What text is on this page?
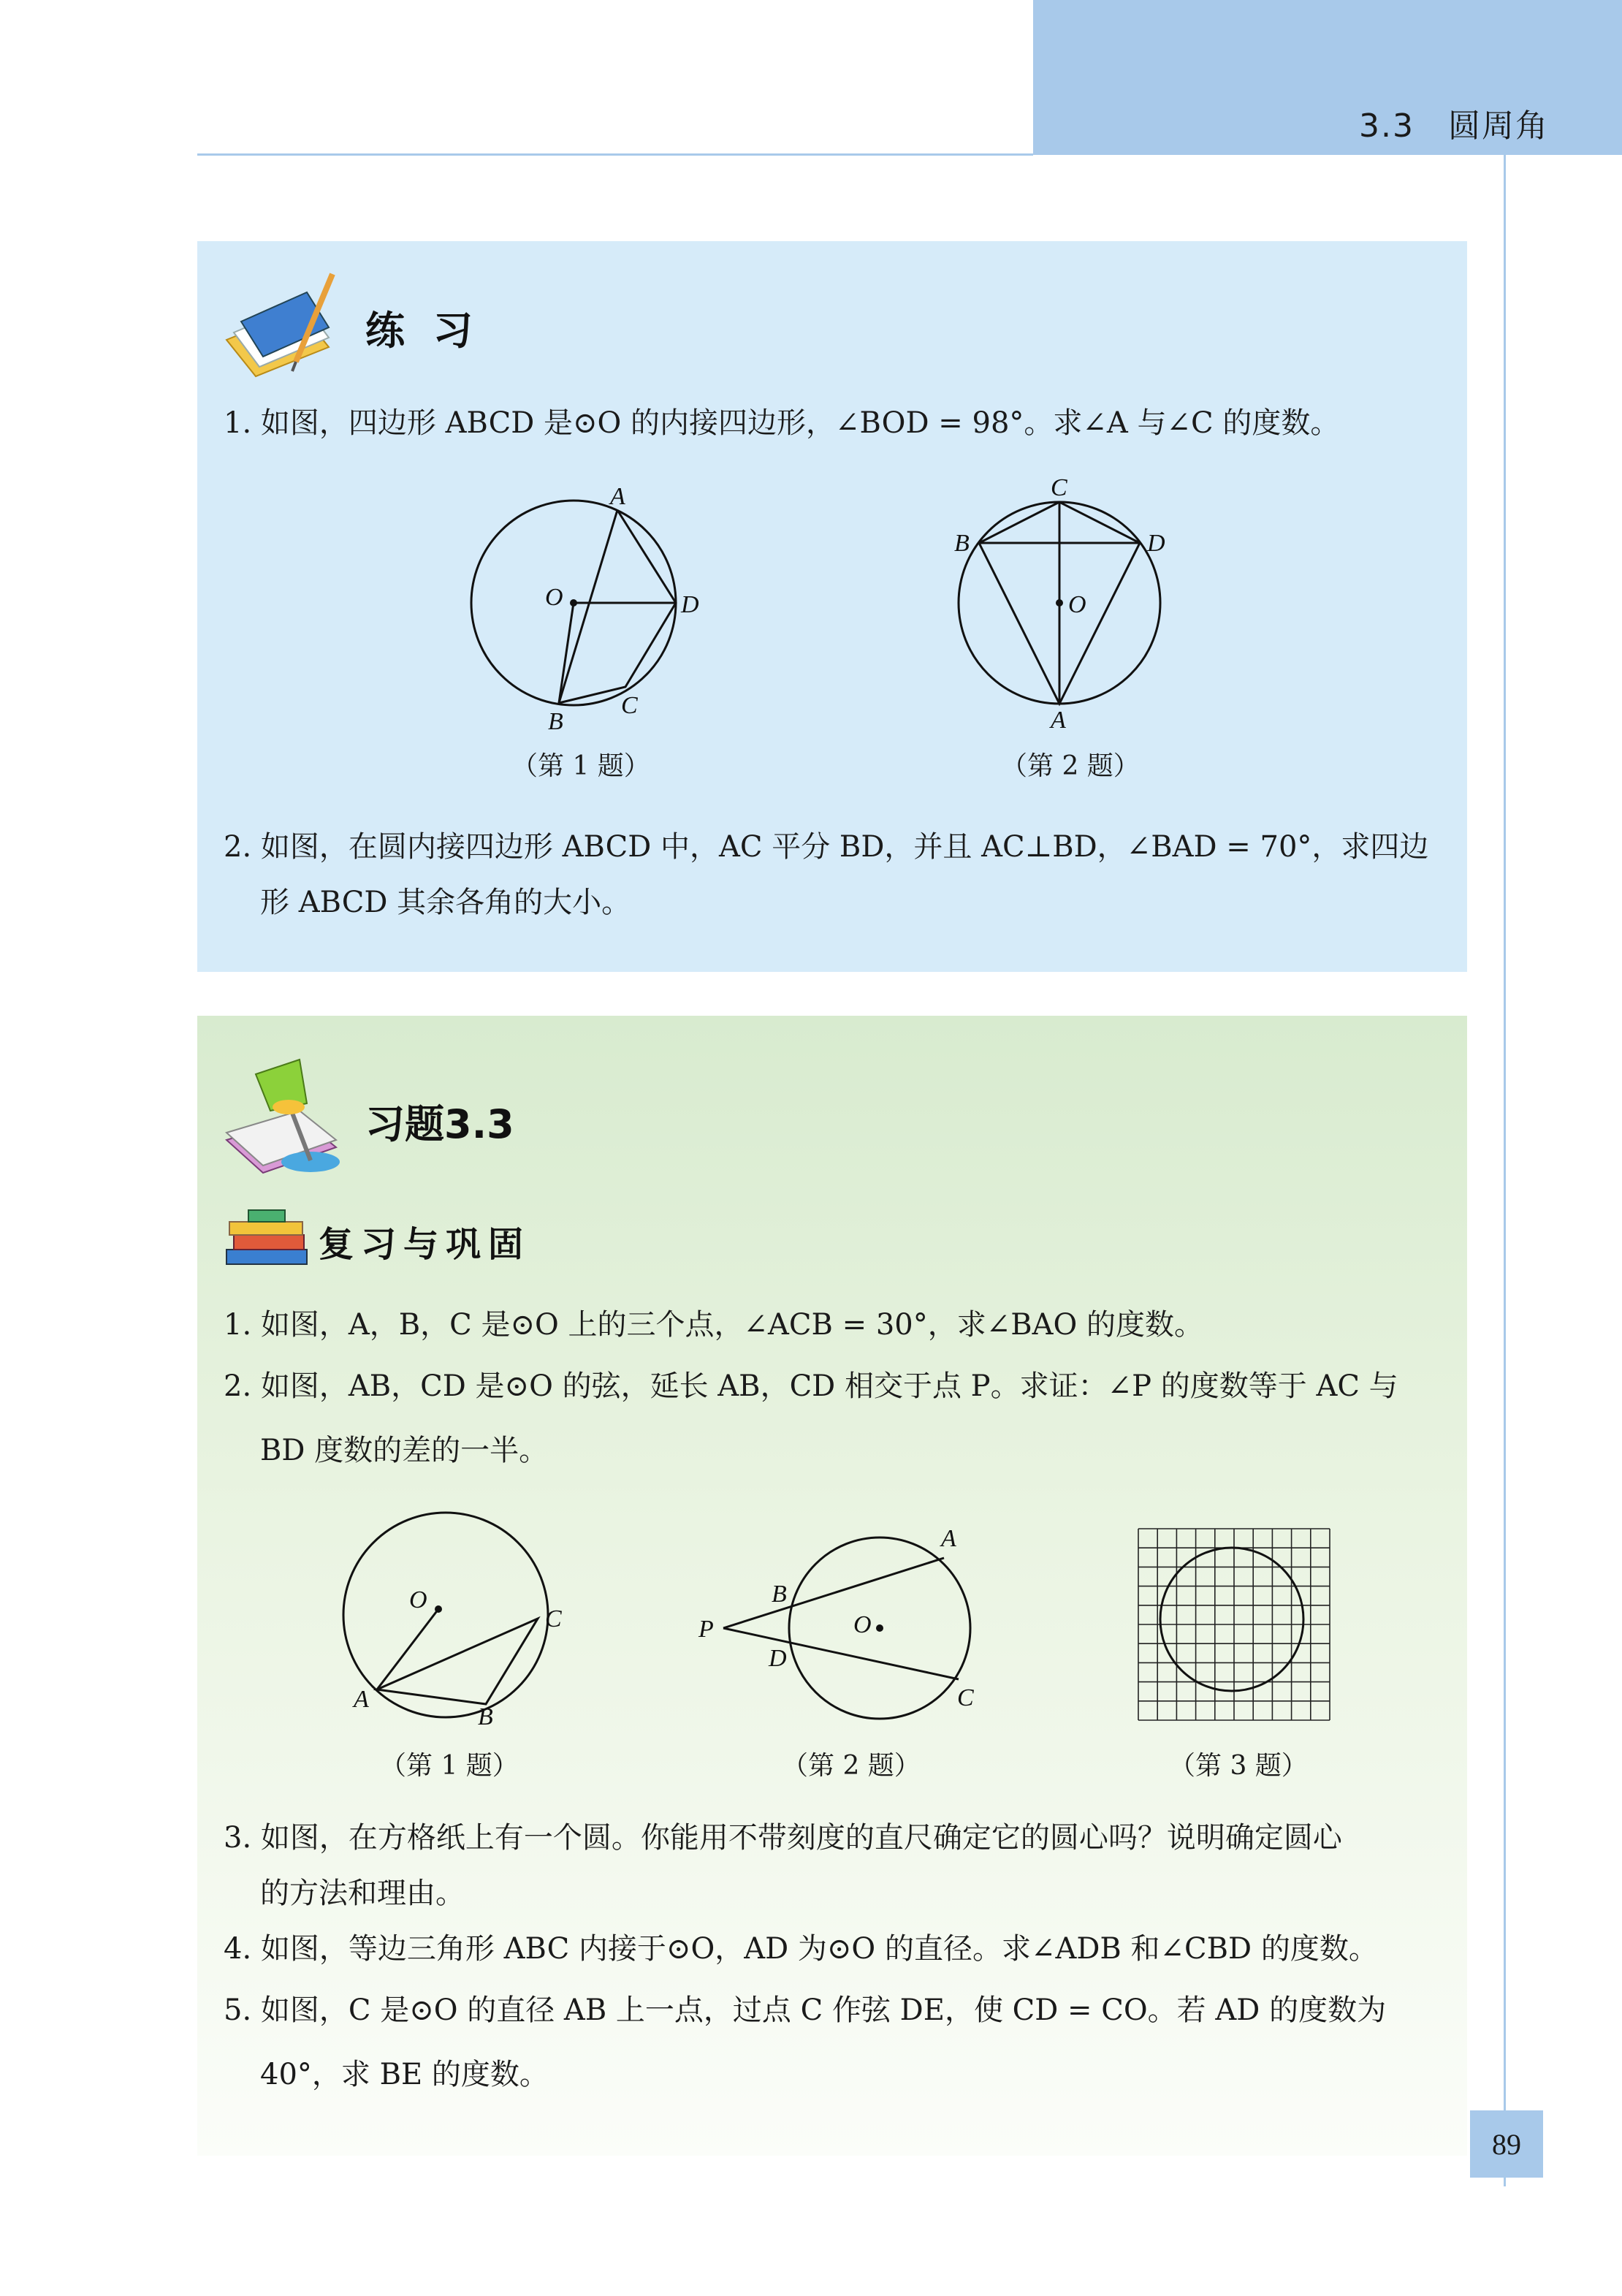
3.3　圆周角
练 习
1. 如图，四边形 ABCD 是⊙O 的内接四边形，∠BOD = 98°。求∠A 与∠C 的度数。
A
O	D
B
C
（第 1 题）
C
B	D
O
A
（第 2 题）
2. 如图，在圆内接四边形 ABCD 中，AC 平分 BD，并且 AC⊥BD，∠BAD = 70°，求四边
形 ABCD 其余各角的大小。
习题3.3
复习与巩固
1. 如图，A，B，C 是⊙O 上的三个点，∠ACB = 30°，求∠BAO 的度数。
2. 如图，AB，CD 是⊙O 的弦，延长 AB，CD 相交于点 P。求证：∠P 的度数等于 AC 与
BD 度数的差的一半。
O
C
A
B
（第 1 题）
A
B
O
P
D
C
（第 2 题）	（第 3 题）
3. 如图，在方格纸上有一个圆。你能用不带刻度的直尺确定它的圆心吗？说明确定圆心
的方法和理由。
4. 如图，等边三角形 ABC 内接于⊙O，AD 为⊙O 的直径。求∠ADB 和∠CBD 的度数。
5. 如图，C 是⊙O 的直径 AB 上一点，过点 C 作弦 DE，使 CD = CO。若 AD 的度数为
40°，求 BE 的度数。
89
